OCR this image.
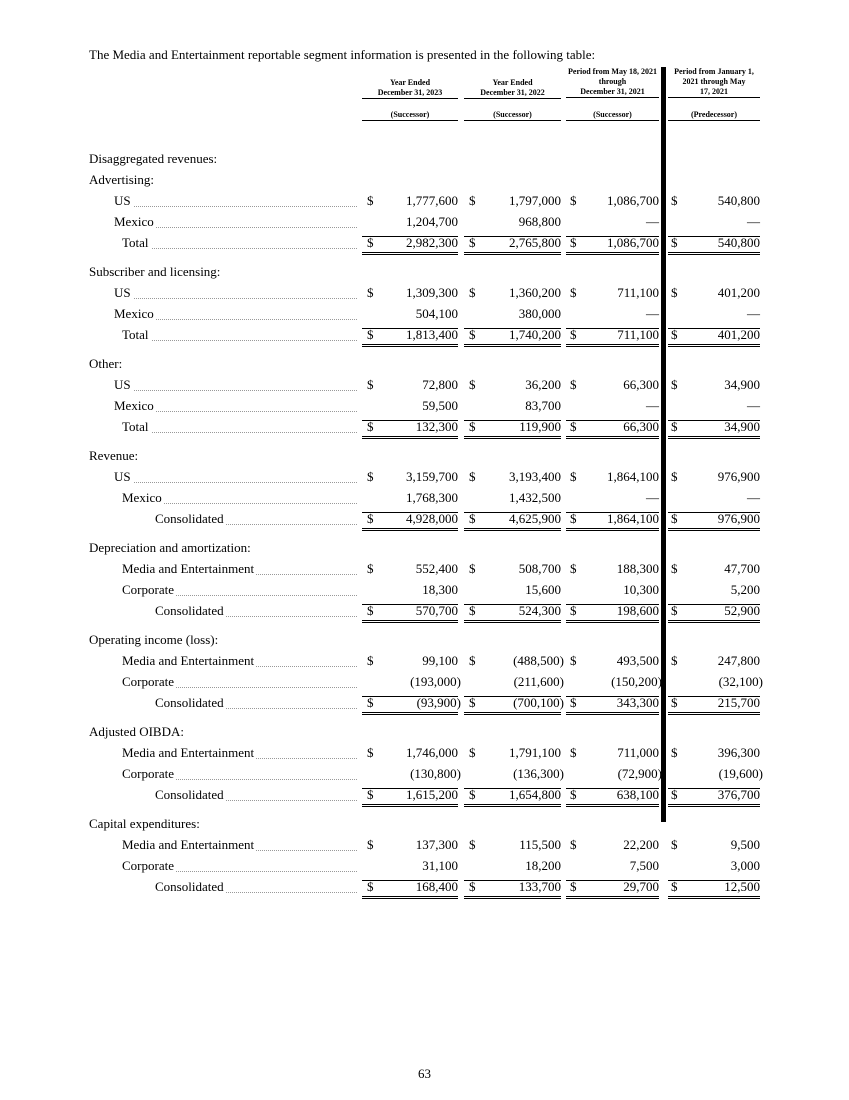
The Media and Entertainment reportable segment information is presented in the following table:
Year Ended
December 31, 2023
(Successor)
Year Ended
December 31, 2022
(Successor)
Period from May 18, 2021 through
December 31, 2021
(Successor)
Period from January 1, 2021 through May
17, 2021
(Predecessor)
Disaggregated revenues:
Advertising:
US	$	1,777,600 $	1,797,000 $	1,086,700 $	540,800
Mexico	1,204,700	968,800	—	—
Total	$	2,982,300 $	2,765,800 $	1,086,700 $	540,800
Subscriber and licensing:
US	$	1,309,300 $	1,360,200 $	711,100 $	401,200
Mexico	504,100	380,000	—	—
Total	$	1,813,400 $	1,740,200 $	711,100 $	401,200
Other:
US	$	72,800 $	36,200 $	66,300 $	34,900
Mexico	59,500	83,700	—	—
Total	$	132,300 $	119,900 $	66,300 $	34,900
Revenue:
US	$	3,159,700 $	3,193,400 $	1,864,100 $	976,900
Mexico	1,768,300	1,432,500	—	—
Consolidated	$	4,928,000 $	4,625,900 $	1,864,100 $	976,900
Depreciation and amortization:
Media and Entertainment	$	552,400 $	508,700 $	188,300 $	47,700
Corporate	18,300	15,600	10,300	5,200
Consolidated	$	570,700 $	524,300 $	198,600 $	52,900
Operating income (loss):
Media and Entertainment	$	99,100 $	(488,500) $	493,500 $	247,800
Corporate	(193,000)	(211,600)	(150,200)	(32,100)
Consolidated	$	(93,900) $	(700,100) $	343,300 $	215,700
Adjusted OIBDA:
Media and Entertainment	$	1,746,000 $	1,791,100 $	711,000 $	396,300
Corporate	(130,800)	(136,300)	(72,900)	(19,600)
Consolidated	$	1,615,200 $	1,654,800 $	638,100 $	376,700
Capital expenditures:
Media and Entertainment	$	137,300 $	115,500 $	22,200 $	9,500
Corporate	31,100	18,200	7,500	3,000
Consolidated	$	168,400 $	133,700 $	29,700 $	12,500
63
